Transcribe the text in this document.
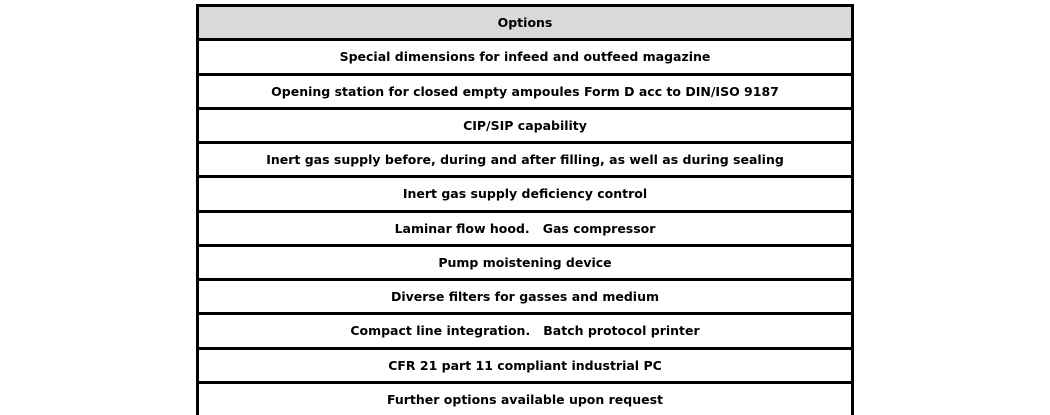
Options
Special dimensions for infeed and outfeed magazine
Opening station for closed empty ampoules Form D acc to DIN/ISO 9187
CIP/SIP capability
Inert gas supply before, during and after filling, as well as during sealing
Inert gas supply deficiency control
Laminar flow hood.   Gas compressor
Pump moistening device
Diverse filters for gasses and medium
Compact line integration.   Batch protocol printer
CFR 21 part 11 compliant industrial PC
Further options available upon request
